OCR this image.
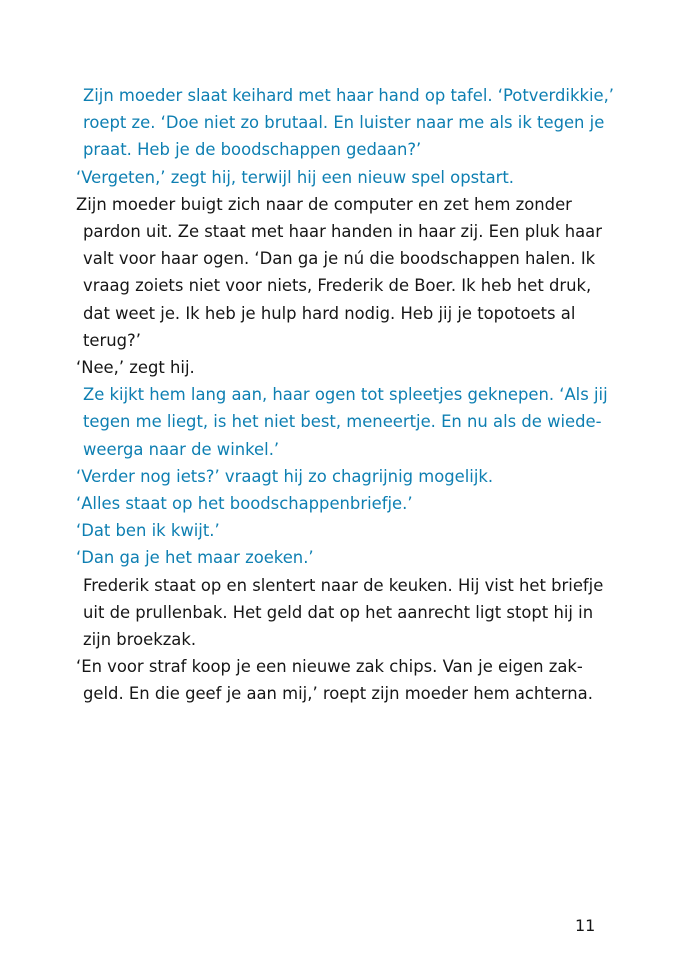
Zijn moeder slaat keihard met haar hand op tafel. ‘Potverdikkie,’
roept ze. ‘Doe niet zo brutaal. En luister naar me als ik tegen je
praat. Heb je de boodschappen gedaan?’

‘Vergeten,’ zegt hij, terwijl hij een nieuw spel opstart.

Zijn moeder buigt zich naar de computer en zet hem zonder
pardon uit. Ze staat met haar handen in haar zij. Een pluk haar
valt voor haar ogen. ‘Dan ga je nú die boodschappen halen. Ik
vraag zoiets niet voor niets, Frederik de Boer. Ik heb het druk,
dat weet je. Ik heb je hulp hard nodig. Heb jij je topotoets al
terug?’

‘Nee,’ zegt hij.

Ze kijkt hem lang aan, haar ogen tot spleetjes geknepen. ‘Als jij
tegen me liegt, is het niet best, meneertje. En nu als de wiede-
weerga naar de winkel.’

‘Verder nog iets?’ vraagt hij zo chagrijnig mogelijk.

‘Alles staat op het boodschappenbriefje.’

‘Dat ben ik kwijt.’

‘Dan ga je het maar zoeken.’

Frederik staat op en slentert naar de keuken. Hij vist het briefje
uit de prullenbak. Het geld dat op het aanrecht ligt stopt hij in
zijn broekzak.

‘En voor straf koop je een nieuwe zak chips. Van je eigen zak-
geld. En die geef je aan mij,’ roept zijn moeder hem achterna.

11
